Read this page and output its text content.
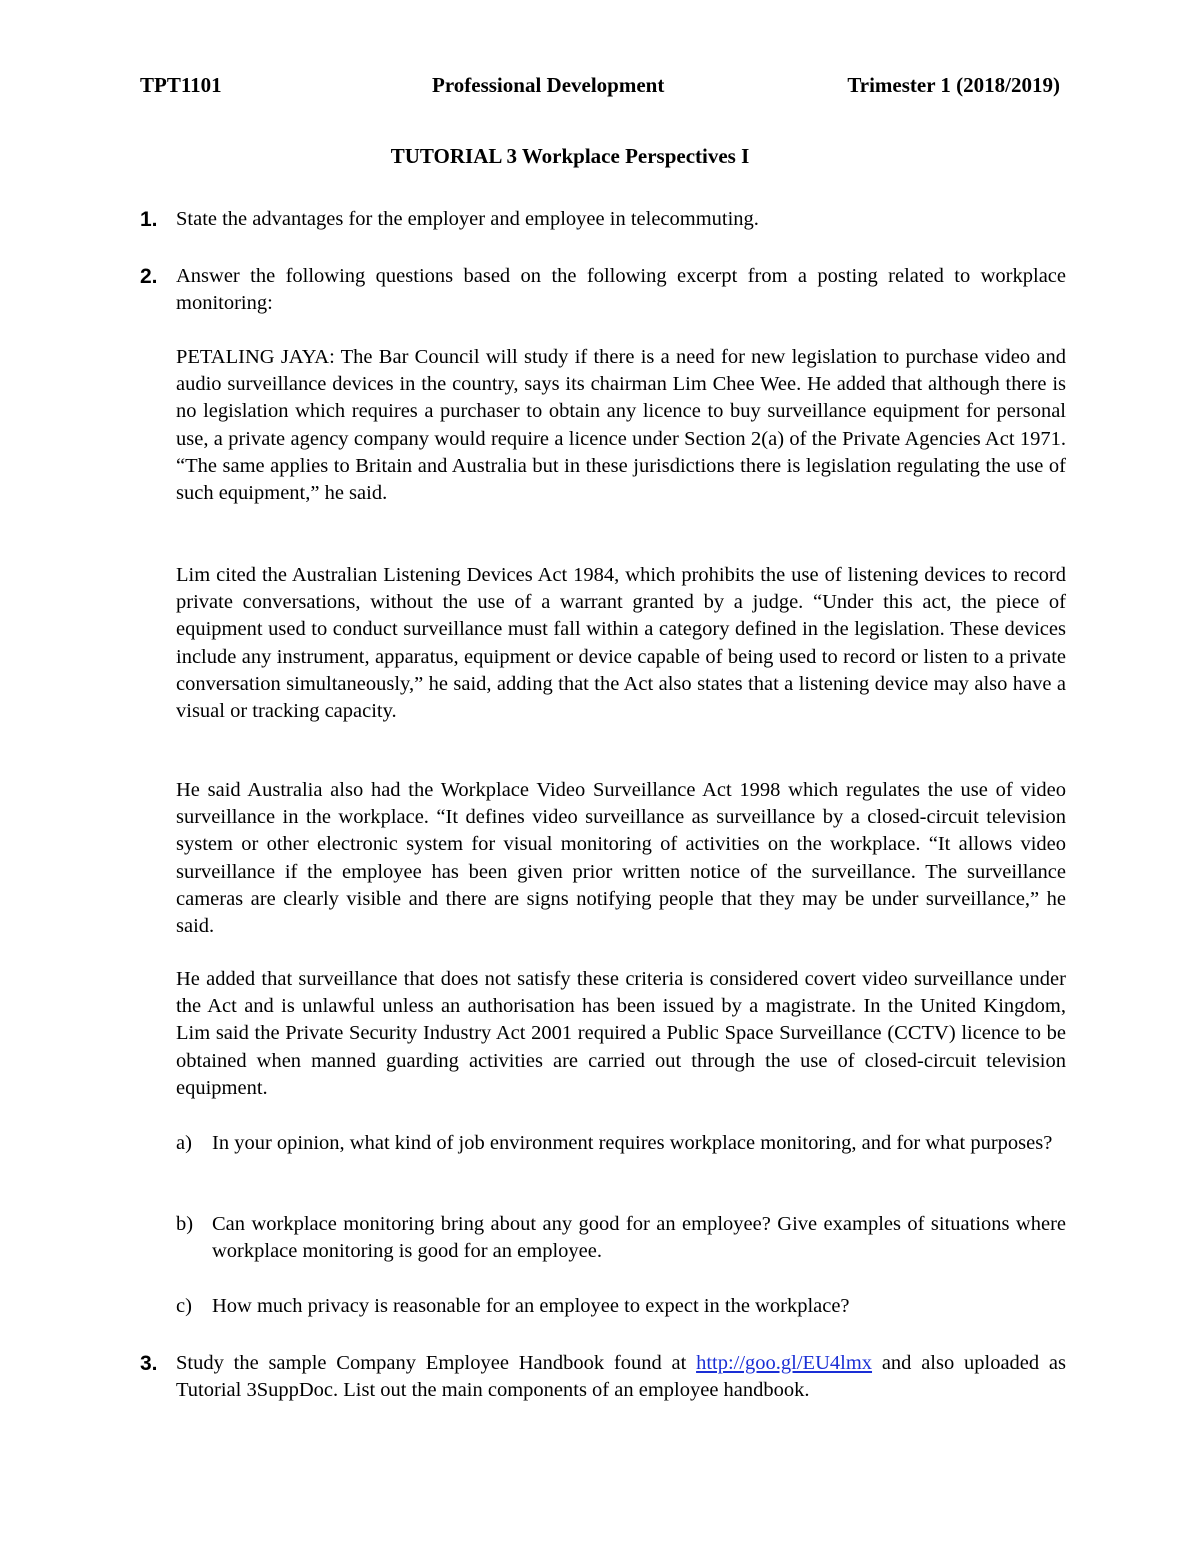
TPT1101	Professional Development	Trimester 1 (2018/2019)
TUTORIAL 3 Workplace Perspectives I
1. State the advantages for the employer and employee in telecommuting.
2. Answer the following questions based on the following excerpt from a posting related to workplace monitoring:
PETALING JAYA: The Bar Council will study if there is a need for new legislation to purchase video and audio surveillance devices in the country, says its chairman Lim Chee Wee. He added that although there is no legislation which requires a purchaser to obtain any licence to buy surveillance equipment for personal use, a private agency company would require a licence under Section 2(a) of the Private Agencies Act 1971. “The same applies to Britain and Australia but in these jurisdictions there is legislation regulating the use of such equipment,” he said.
Lim cited the Australian Listening Devices Act 1984, which prohibits the use of listening devices to record private conversations, without the use of a warrant granted by a judge. “Under this act, the piece of equipment used to conduct surveillance must fall within a category defined in the legislation. These devices include any instrument, apparatus, equipment or device capable of being used to record or listen to a private conversation simultaneously,” he said, adding that the Act also states that a listening device may also have a visual or tracking capacity.
He said Australia also had the Workplace Video Surveillance Act 1998 which regulates the use of video surveillance in the workplace. “It defines video surveillance as surveillance by a closed-circuit television system or other electronic system for visual monitoring of activities on the workplace. “It allows video surveillance if the employee has been given prior written notice of the surveillance. The surveillance cameras are clearly visible and there are signs notifying people that they may be under surveillance,” he said.
He added that surveillance that does not satisfy these criteria is considered covert video surveillance under the Act and is unlawful unless an authorisation has been issued by a magistrate. In the United Kingdom, Lim said the Private Security Industry Act 2001 required a Public Space Surveillance (CCTV) licence to be obtained when manned guarding activities are carried out through the use of closed-circuit television equipment.
a) In your opinion, what kind of job environment requires workplace monitoring, and for what purposes?
b) Can workplace monitoring bring about any good for an employee? Give examples of situations where workplace monitoring is good for an employee.
c) How much privacy is reasonable for an employee to expect in the workplace?
3. Study the sample Company Employee Handbook found at http://goo.gl/EU4lmx and also uploaded as Tutorial 3SuppDoc. List out the main components of an employee handbook.
